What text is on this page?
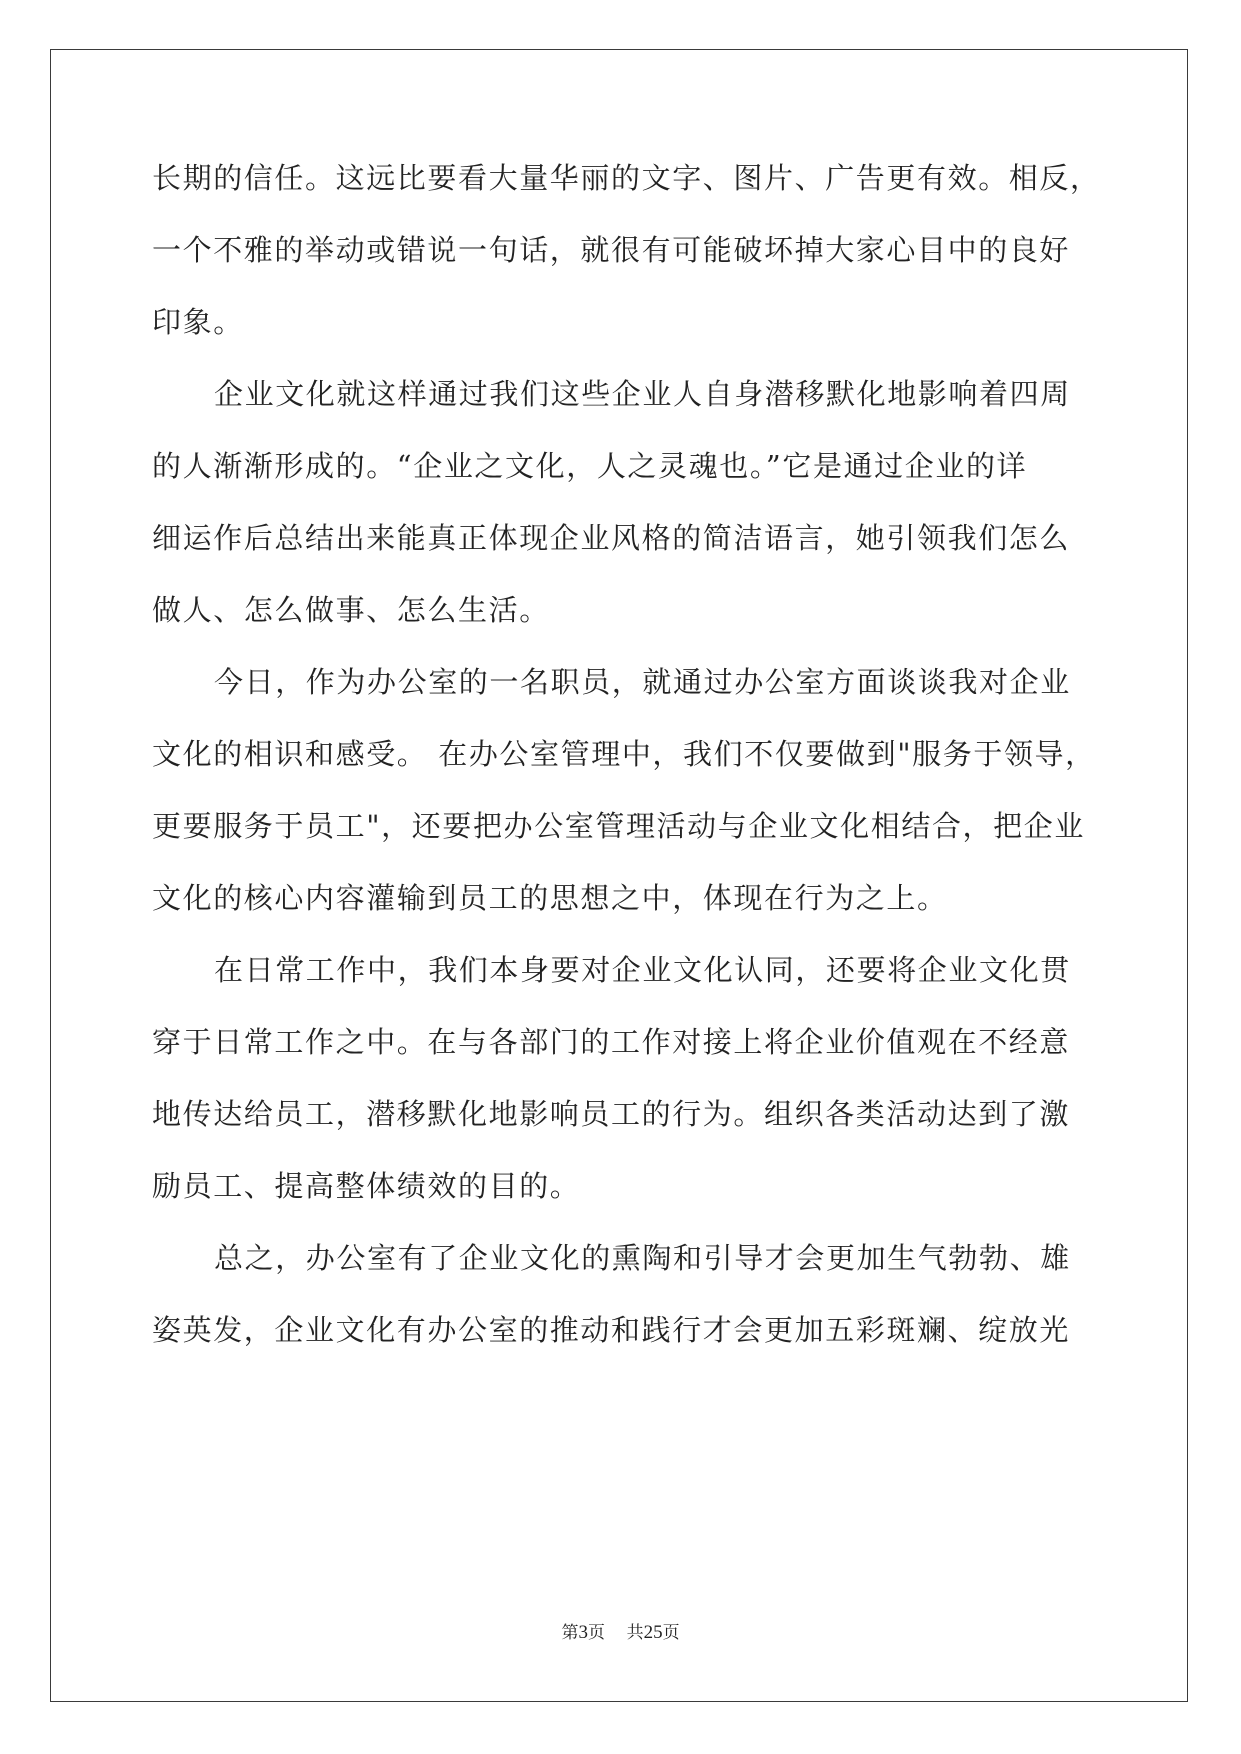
长期的信任。这远比要看大量华丽的文字、图片、广告更有效。相反，
一个不雅的举动或错说一句话，就很有可能破坏掉大家心目中的良好
印象。
企业文化就这样通过我们这些企业人自身潜移默化地影响着四周
的人渐渐形成的。“企业之文化，人之灵魂也。”它是通过企业的详
细运作后总结出来能真正体现企业风格的简洁语言，她引领我们怎么
做人、怎么做事、怎么生活。
今日，作为办公室的一名职员，就通过办公室方面谈谈我对企业
文化的相识和感受。 在办公室管理中，我们不仅要做到"服务于领导，
更要服务于员工"，还要把办公室管理活动与企业文化相结合，把企业
文化的核心内容灌输到员工的思想之中，体现在行为之上。
在日常工作中，我们本身要对企业文化认同，还要将企业文化贯
穿于日常工作之中。在与各部门的工作对接上将企业价值观在不经意
地传达给员工，潜移默化地影响员工的行为。组织各类活动达到了激
励员工、提高整体绩效的目的。
总之，办公室有了企业文化的熏陶和引导才会更加生气勃勃、雄
姿英发，企业文化有办公室的推动和践行才会更加五彩斑斓、绽放光
第3页 共25页
